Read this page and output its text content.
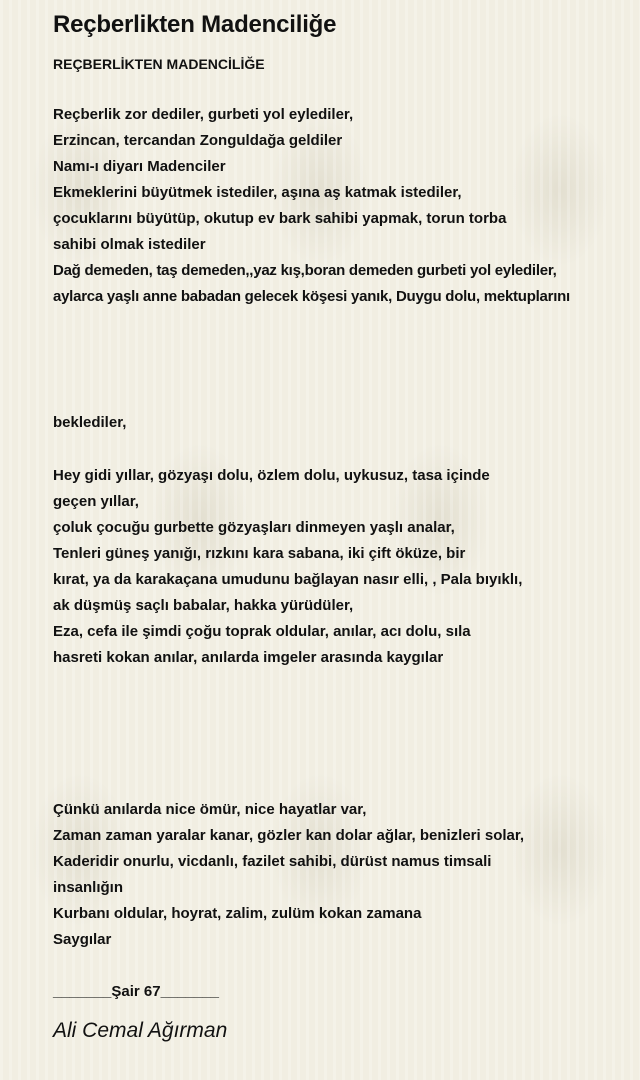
Reçberlikten Madenciliğe
REÇBERLİKTEN MADENCİLİĞE
Reçberlik zor dediler, gurbeti yol eylediler,
Erzincan, tercandan Zonguldağa geldiler
Namı-ı diyarı Madenciler
Ekmeklerini büyütmek istediler, aşına aş katmak istediler,
çocuklarını büyütüp, okutup ev bark sahibi yapmak, torun torba
sahibi olmak istediler
Dağ demeden, taş demeden,,yaz kış,boran demeden gurbeti yol eylediler,
aylarca yaşlı anne babadan gelecek köşesi yanık, Duygu dolu, mektuplarını
beklediler,
Hey gidi yıllar, gözyaşı dolu, özlem dolu, uykusuz, tasa içinde
geçen yıllar,
çoluk çocuğu gurbette gözyaşları dinmeyen yaşlı analar,
Tenleri güneş yanığı, rızkını kara sabana, iki çift öküze, bir
kırat, ya da karakaçana umudunu bağlayan nasır elli, , Pala bıyıklı,
ak düşmüş saçlı babalar, hakka yürüdüler,
Eza, cefa ile şimdi çoğu toprak oldular, anılar, acı dolu, sıla
hasreti kokan anılar, anılarda imgeler arasında kaygılar
Çünkü anılarda nice ömür, nice hayatlar var,
Zaman zaman yaralar kanar, gözler kan dolar ağlar, benizleri solar,
Kaderidir onurlu, vicdanlı, fazilet sahibi, dürüst namus timsali
insanlığın
Kurbanı oldular, hoyrat, zalim, zulüm kokan zamana
Saygılar
_______Şair 67_______
Ali Cemal Ağırman
